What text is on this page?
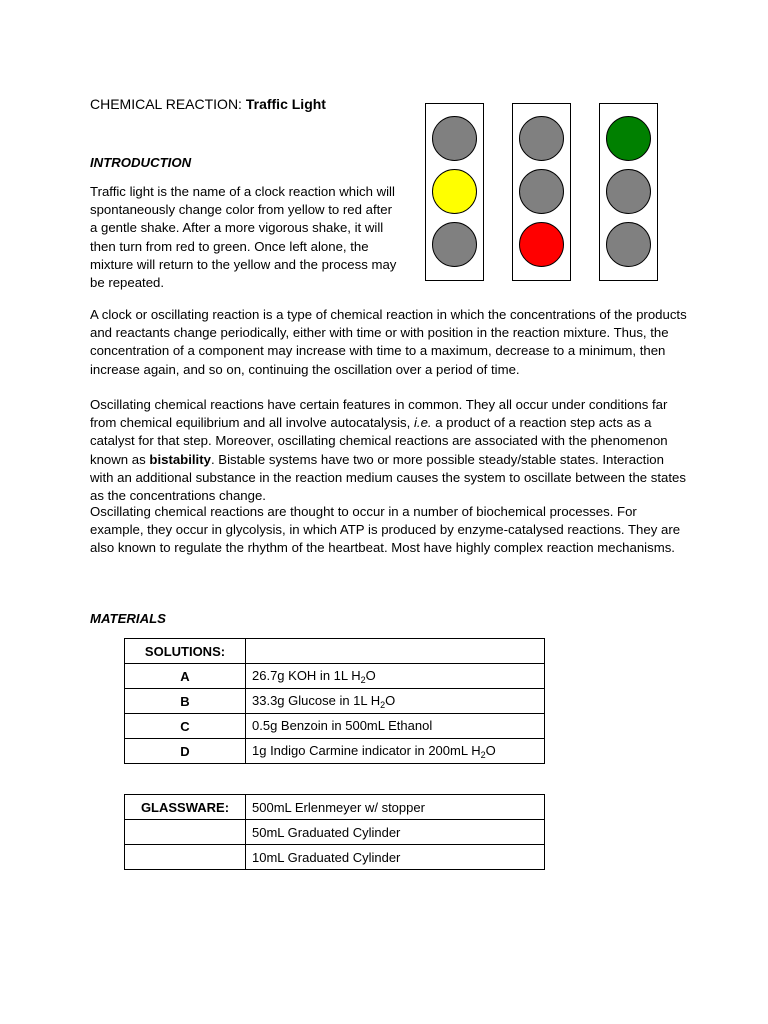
CHEMICAL REACTION: Traffic Light
INTRODUCTION

Traffic light is the name of a clock reaction which will spontaneously change color from yellow to red after a gentle shake. After a more vigorous shake, it will then turn from red to green. Once left alone, the mixture will return to the yellow and the process may be repeated.

A clock or oscillating reaction is a type of chemical reaction in which the concentrations of the products and reactants change periodically, either with time or with position in the reaction mixture. Thus, the concentration of a component may increase with time to a maximum, decrease to a minimum, then increase again, and so on, continuing the oscillation over a period of time.

Oscillating chemical reactions have certain features in common. They all occur under conditions far from chemical equilibrium and all involve autocatalysis, i.e. a product of a reaction step acts as a catalyst for that step. Moreover, oscillating chemical reactions are associated with the phenomenon known as bistability. Bistable systems have two or more possible steady/stable states. Interaction with an additional substance in the reaction medium causes the system to oscillate between the states as the concentrations change.

Oscillating chemical reactions are thought to occur in a number of biochemical processes. For example, they occur in glycolysis, in which ATP is produced by enzyme-catalysed reactions. They are also known to regulate the rhythm of the heartbeat. Most have highly complex reaction mechanisms.

MATERIALS
SOLUTIONS:	
A	26.7g KOH in 1L $H_2O$
B	33.3g Glucose in 1L $H_2O$
C	0.5g Benzoin in 500mL Ethanol
D	1g Indigo Carmine indicator in 200mL $H_2O$
GLASSWARE:	500mL Erlenmeyer w/ stopper
	50mL Graduated Cylinder
	10mL Graduated Cylinder
